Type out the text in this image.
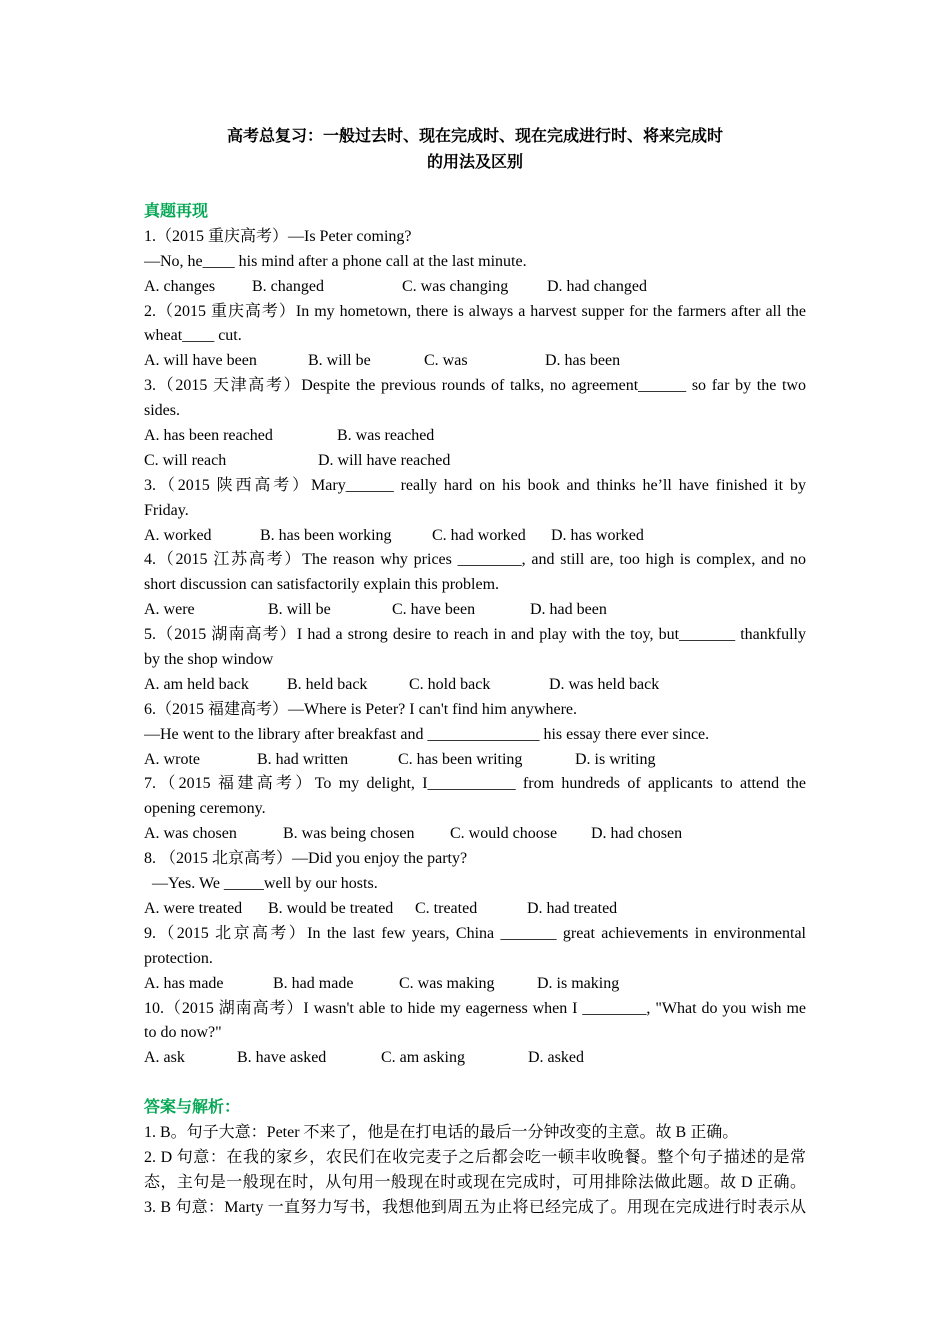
高考总复习：一般过去时、现在完成时、现在完成进行时、将来完成时
的用法及区别
真题再现
1.（2015 重庆高考）—Is Peter coming?
—No, he____ his mind after a phone call at the last minute.
A. changes	B. changed	C. was changing	D. had changed
2.（2015 重庆高考）In my hometown, there is always a harvest supper for the farmers after all the
wheat____ cut.
A. will have been	B. will be	C. was	D. has been
3.（2015 天津高考）Despite the previous rounds of talks, no agreement______ so far by the two
sides.
A. has been reached	B. was reached
C. will reach	D. will have reached
3.（2015 陕西高考）Mary______ really hard on his book and thinks he’ll have finished it by
Friday.
A. worked	B. has been working	C. had worked	D. has worked
4.（2015 江苏高考）The reason why prices ________, and still are, too high is complex, and no
short discussion can satisfactorily explain this problem.
A. were	B. will be	C. have been	D. had been
5.（2015 湖南高考）I had a strong desire to reach in and play with the toy, but_______ thankfully
by the shop window
A. am held back	B. held back	C. hold back	D. was held back
6.（2015 福建高考）—Where is Peter? I can't find him anywhere.
—He went to the library after breakfast and ______________ his essay there ever since.
A. wrote	B. had written	C. has been writing	D. is writing
7.（2015 福建高考）To my delight, I___________ from hundreds of applicants to attend the
opening ceremony.
A. was chosen	B. was being chosen	C. would choose	D. had chosen
8. （2015 北京高考）—Did you enjoy the party?
—Yes. We _____well by our hosts.
A. were treated	B. would be treated	C. treated	D. had treated
9.（2015 北京高考）In the last few years, China _______ great achievements in environmental
protection.
A. has made	B. had made	C. was making	D. is making
10.（2015 湖南高考）I wasn't able to hide my eagerness when I ________, "What do you wish me
to do now?"
A. ask	B. have asked	C. am asking	D. asked
答案与解析：
1. B。句子大意：Peter 不来了，他是在打电话的最后一分钟改变的主意。故 B 正确。
2. D 句意：在我的家乡，农民们在收完麦子之后都会吃一顿丰收晚餐。整个句子描述的是常
态，主句是一般现在时，从句用一般现在时或现在完成时，可用排除法做此题。故 D 正确。
3. B 句意：Marty 一直努力写书，我想他到周五为止将已经完成了。用现在完成进行时表示从
